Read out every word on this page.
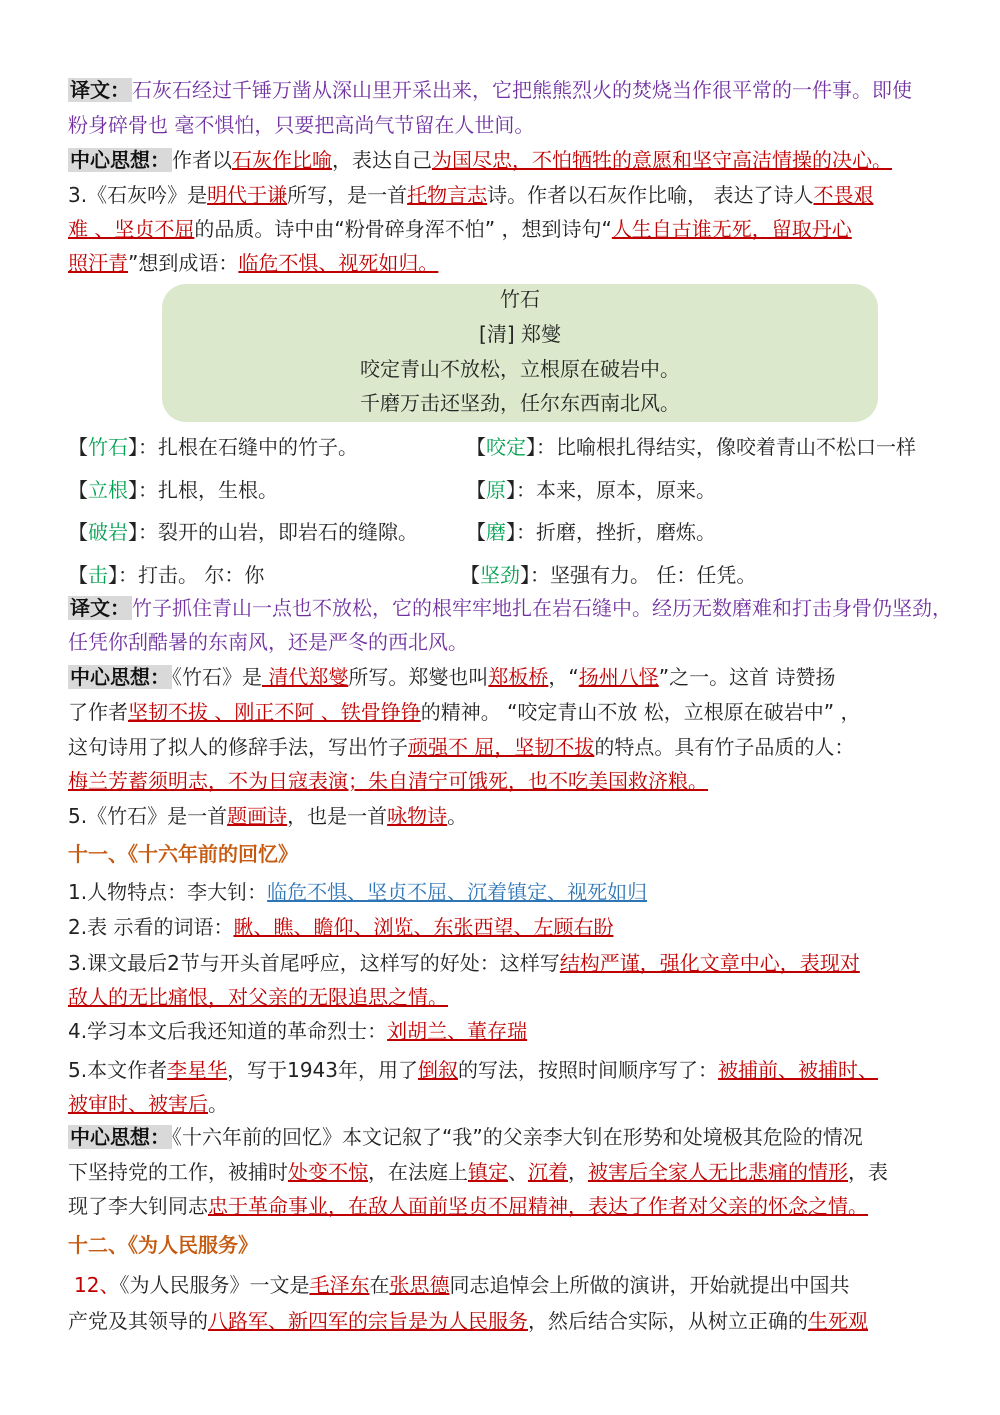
译文： 石灰石经过千锤万凿从深山里开采出来，它把熊熊烈火的焚烧当作很平常的一件事。即使
粉身碎骨也 毫不惧怕，只要把高尚气节留在人世间。
中心思想： 作者以石灰作比喻，表达自己为国尽忠，不怕牺牲的意愿和坚守高洁情操的决心。
3.《石灰吟》是明代于谦所写，是一首托物言志诗。作者以石灰作比喻， 表达了诗人不畏艰
难 、坚贞不屈的品质。诗中由“粉骨碎身浑不怕” ，想到诗句“人生自古谁无死，留取丹心
照汗青”想到成语：临危不惧、视死如归。
竹石
[清] 郑燮
咬定青山不放松，立根原在破岩中。
千磨万击还坚劲，任尔东西南北风。
【竹石】：扎根在石缝中的竹子。	【咬定】：比喻根扎得结实，像咬着青山不松口一样
【立根】：扎根，生根。	【原】：本来，原本，原来。
【破岩】：裂开的山岩，即岩石的缝隙。 【磨】：折磨，挫折，磨炼。
【击】：打击。 尔：你	【坚劲】：坚强有力。 任：任凭。
译文： 竹子抓住青山一点也不放松，它的根牢牢地扎在岩石缝中。经历无数磨难和打击身骨仍坚劲，
任凭你刮酷暑的东南风，还是严冬的西北风。
中心思想： 《竹石》是 清代郑燮所写。郑燮也叫郑板桥，“扬州八怪”之一。这首 诗赞扬
了作者坚韧不拔 、刚正不阿 、铁骨铮铮的精神。 “咬定青山不放 松，立根原在破岩中” ，
这句诗用了拟人的修辞手法，写出竹子顽强不 屈，坚韧不拔的特点。具有竹子品质的人：
梅兰芳蓄须明志，不为日寇表演；朱自清宁可饿死，也不吃美国救济粮。
5.《竹石》是一首题画诗，也是一首咏物诗。
十一、《十六年前的回忆》
1.人物特点：李大钊：临危不惧、坚贞不屈、沉着镇定、视死如归
2.表 示看的词语：瞅、瞧、瞻仰、浏览、东张西望、左顾右盼
3.课文最后2节与开头首尾呼应，这样写的好处：这样写结构严谨，强化文章中心，表现对
敌人的无比痛恨，对父亲的无限追思之情。
4.学习本文后我还知道的革命烈士：刘胡兰、董存瑞
5.本文作者李星华，写于1943年，用了倒叙的写法，按照时间顺序写了：被捕前、被捕时、
被审时、被害后。
中心思想： 《十六年前的回忆》本文记叙了“我”的父亲李大钊在形势和处境极其危险的情况
下坚持党的工作，被捕时处变不惊，在法庭上镇定、沉着，被害后全家人无比悲痛的情形，表
现了李大钊同志忠于革命事业，在敌人面前坚贞不屈精神，表达了作者对父亲的怀念之情。
十二、《为人民服务》
12、《为人民服务》一文是毛泽东在张思德同志追悼会上所做的演讲，开始就提出中国共
产党及其领导的八路军、新四军的宗旨是为人民服务，然后结合实际，从树立正确的生死观
